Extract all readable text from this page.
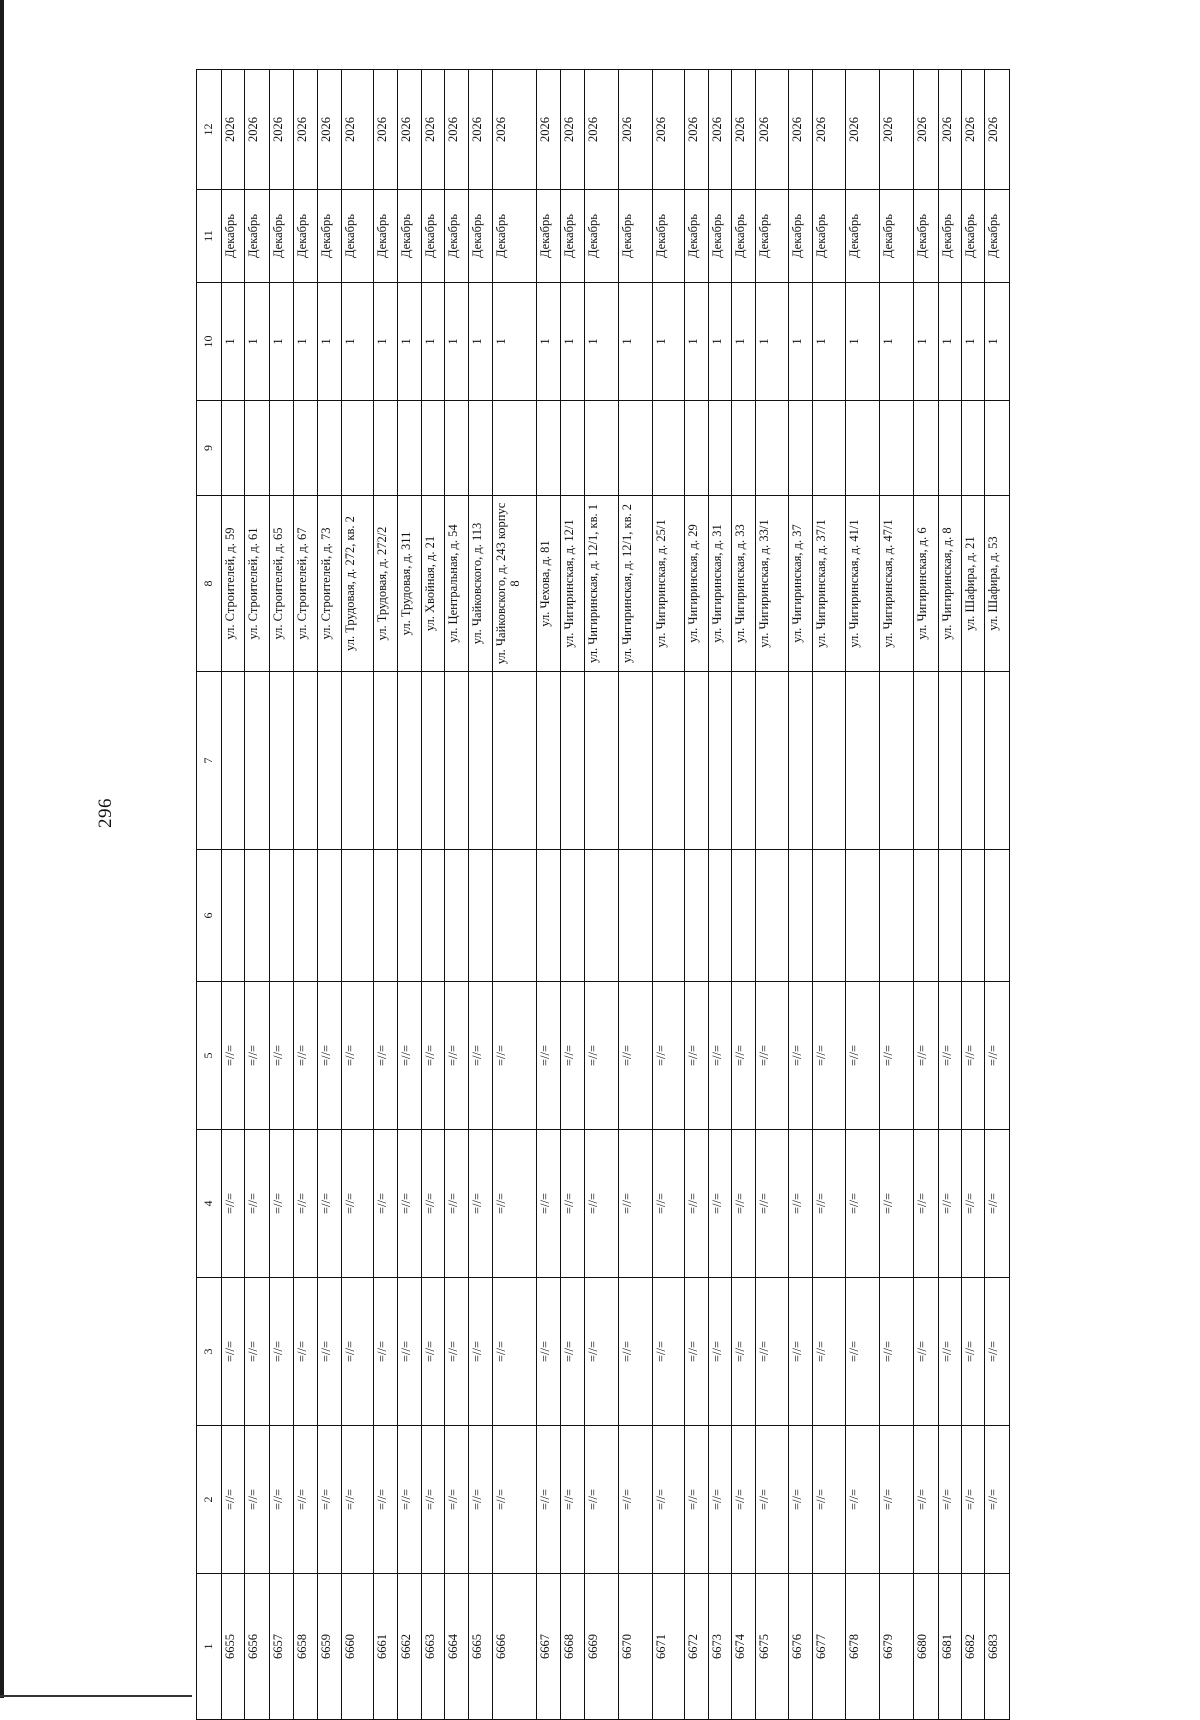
296
1	2	3	4	5	6	7	8	9	10	11	12
6655	=//=	=//=	=//=	=//=			ул. Строителей, д. 59		1	Декабрь	2026
6656	=//=	=//=	=//=	=//=			ул. Строителей, д. 61		1	Декабрь	2026
6657	=//=	=//=	=//=	=//=			ул. Строителей, д. 65		1	Декабрь	2026
6658	=//=	=//=	=//=	=//=			ул. Строителей, д. 67		1	Декабрь	2026
6659	=//=	=//=	=//=	=//=			ул. Строителей, д. 73		1	Декабрь	2026
6660	=//=	=//=	=//=	=//=			ул. Трудовая, д. 272, кв. 2		1	Декабрь	2026
6661	=//=	=//=	=//=	=//=			ул. Трудовая, д. 272/2		1	Декабрь	2026
6662	=//=	=//=	=//=	=//=			ул. Трудовая, д. 311		1	Декабрь	2026
6663	=//=	=//=	=//=	=//=			ул. Хвойная, д. 21		1	Декабрь	2026
6664	=//=	=//=	=//=	=//=			ул. Центральная, д. 54		1	Декабрь	2026
6665	=//=	=//=	=//=	=//=			ул. Чайковского, д. 113		1	Декабрь	2026
6666	=//=	=//=	=//=	=//=			ул. Чайковского, д. 243 корпус 8		1	Декабрь	2026
6667	=//=	=//=	=//=	=//=			ул. Чехова, д. 81		1	Декабрь	2026
6668	=//=	=//=	=//=	=//=			ул. Чигиринская, д. 12/1		1	Декабрь	2026
6669	=//=	=//=	=//=	=//=			ул. Чигиринская, д. 12/1, кв. 1		1	Декабрь	2026
6670	=//=	=//=	=//=	=//=			ул. Чигиринская, д. 12/1, кв. 2		1	Декабрь	2026
6671	=//=	=//=	=//=	=//=			ул. Чигиринская, д. 25/1		1	Декабрь	2026
6672	=//=	=//=	=//=	=//=			ул. Чигиринская, д. 29		1	Декабрь	2026
6673	=//=	=//=	=//=	=//=			ул. Чигиринская, д. 31		1	Декабрь	2026
6674	=//=	=//=	=//=	=//=			ул. Чигиринская, д. 33		1	Декабрь	2026
6675	=//=	=//=	=//=	=//=			ул. Чигиринская, д. 33/1		1	Декабрь	2026
6676	=//=	=//=	=//=	=//=			ул. Чигиринская, д. 37		1	Декабрь	2026
6677	=//=	=//=	=//=	=//=			ул. Чигиринская, д. 37/1		1	Декабрь	2026
6678	=//=	=//=	=//=	=//=			ул. Чигиринская, д. 41/1		1	Декабрь	2026
6679	=//=	=//=	=//=	=//=			ул. Чигиринская, д. 47/1		1	Декабрь	2026
6680	=//=	=//=	=//=	=//=			ул. Чигиринская, д. 6		1	Декабрь	2026
6681	=//=	=//=	=//=	=//=			ул. Чигиринская, д. 8		1	Декабрь	2026
6682	=//=	=//=	=//=	=//=			ул. Шафира, д. 21		1	Декабрь	2026
6683	=//=	=//=	=//=	=//=			ул. Шафира, д. 53		1	Декабрь	2026
